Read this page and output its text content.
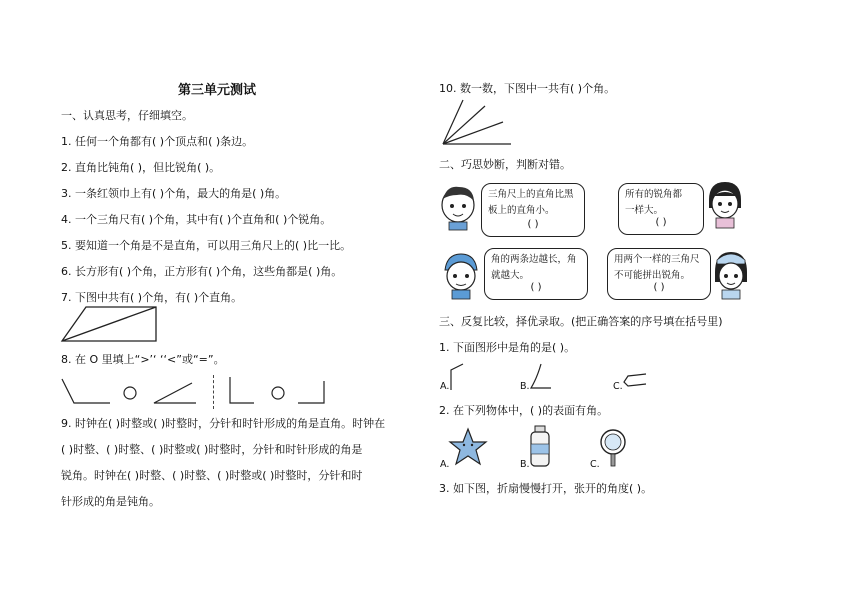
第三单元测试
一、认真思考，仔细填空。
1. 任何一个角都有( )个顶点和( )条边。
2. 直角比钝角( )，但比锐角( )。
3. 一条红领巾上有( )个角，最大的角是( )角。
4. 一个三角尺有( )个角，其中有( )个直角和( )个锐角。
5. 要知道一个角是不是直角，可以用三角尺上的( )比一比。
6. 长方形有( )个角，正方形有( )个角，这些角都是( )角。
7. 下图中共有( )个角，有( )个直角。
8. 在 O 里填上“>’‘ ‘‘<”或“=”。
9. 时钟在( )时整或( )时整时，分针和时针形成的角是直角。时钟在
( )时整、( )时整、( )时整或( )时整时，分针和时针形成的角是
锐角。时钟在( )时整、( )时整、( )时整或( )时整时，分针和时
针形成的角是钝角。
10. 数一数，下图中一共有( )个角。
二、巧思妙断，判断对错。
三角尺上的直角比黑
板上的直角小。
( )
所有的锐角都
一样大。
( )
角的两条边越长，角
就越大。
( )
用两个一样的三角尺
不可能拼出锐角。
( )
三、反复比较，择优录取。(把正确答案的序号填在括号里)
1. 下面图形中是角的是( )。
A.	B.	C.
2. 在下列物体中，( )的表面有角。
A.	B.	C.
3. 如下图，折扇慢慢打开，张开的角度( )。
